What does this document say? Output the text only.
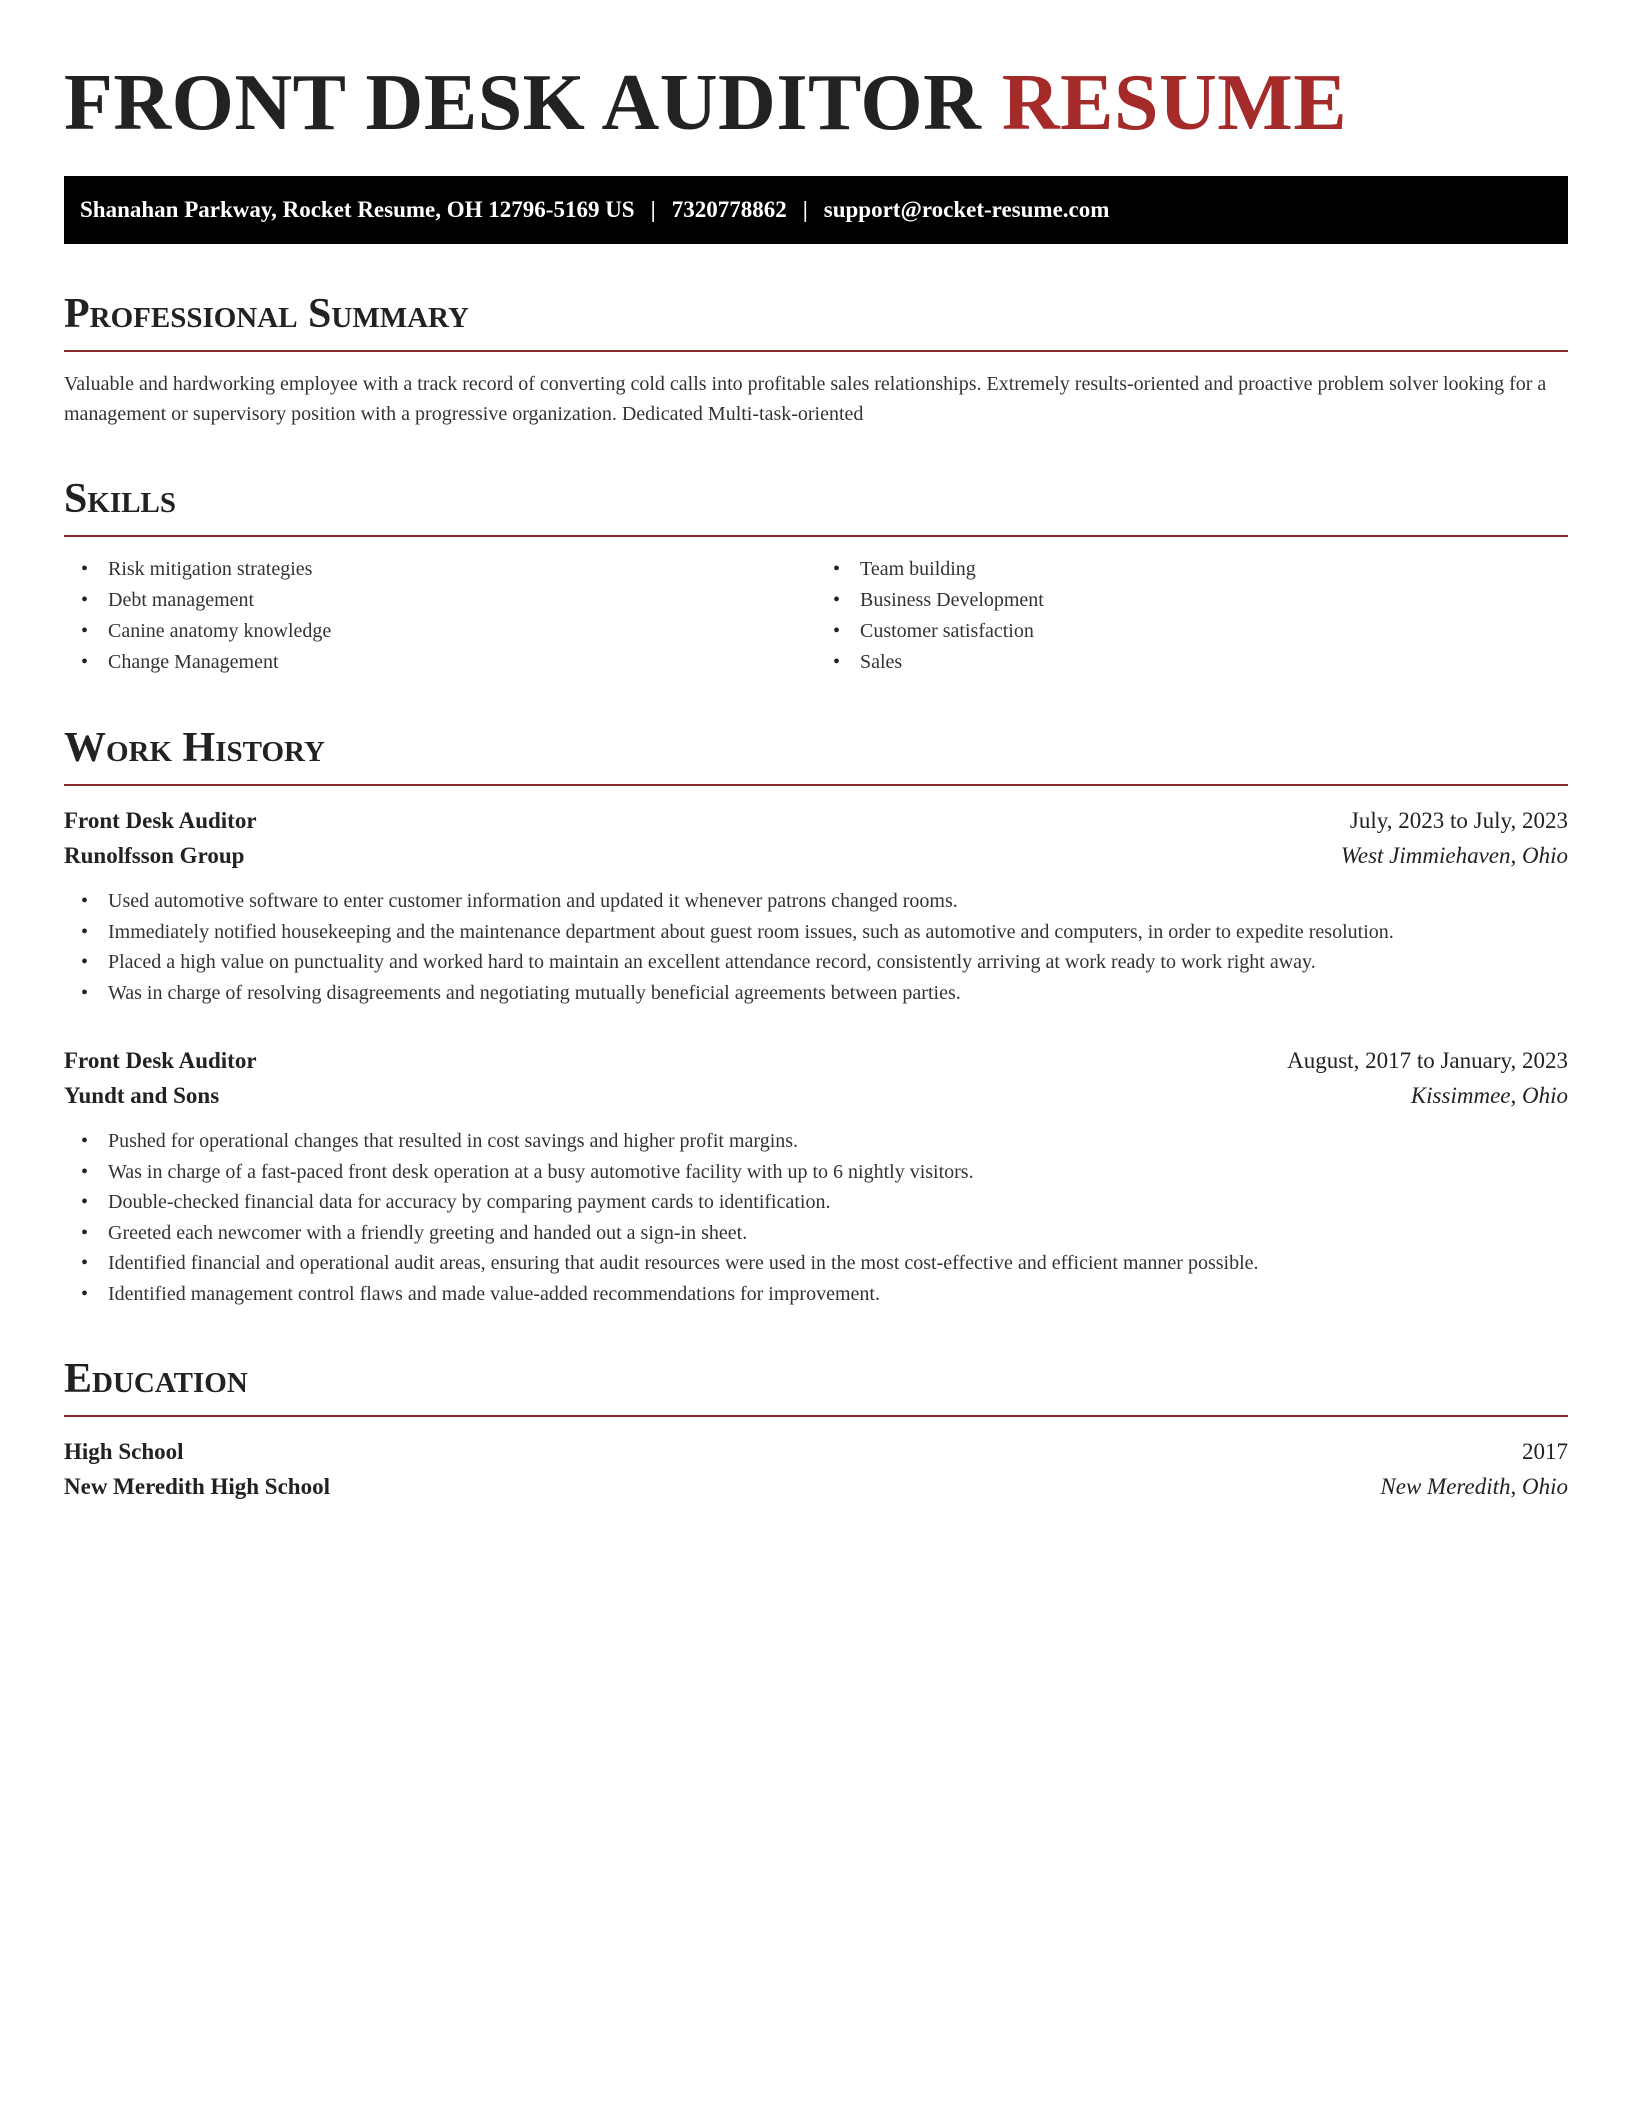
FRONT DESK AUDITOR RESUME
Shanahan Parkway, Rocket Resume, OH 12796-5169 US | 7320778862 | support@rocket-resume.com
Professional Summary

Valuable and hardworking employee with a track record of converting cold calls into profitable sales relationships. Extremely results-oriented and proactive problem solver looking for a management or supervisory position with a progressive organization. Dedicated Multi-task-oriented

Skills
• Risk mitigation strategies
• Debt management
• Canine anatomy knowledge
• Change Management
• Team building
• Business Development
• Customer satisfaction
• Sales
Work History
Front Desk Auditor	July, 2023 to July, 2023
Runolfsson Group	West Jimmiehaven, Ohio
• Used automotive software to enter customer information and updated it whenever patrons changed rooms.
• Immediately notified housekeeping and the maintenance department about guest room issues, such as automotive and computers, in order to expedite resolution.
• Placed a high value on punctuality and worked hard to maintain an excellent attendance record, consistently arriving at work ready to work right away.
• Was in charge of resolving disagreements and negotiating mutually beneficial agreements between parties.
Front Desk Auditor	August, 2017 to January, 2023
Yundt and Sons	Kissimmee, Ohio
• Pushed for operational changes that resulted in cost savings and higher profit margins.
• Was in charge of a fast-paced front desk operation at a busy automotive facility with up to 6 nightly visitors.
• Double-checked financial data for accuracy by comparing payment cards to identification.
• Greeted each newcomer with a friendly greeting and handed out a sign-in sheet.
• Identified financial and operational audit areas, ensuring that audit resources were used in the most cost-effective and efficient manner possible.
• Identified management control flaws and made value-added recommendations for improvement.
Education
High School	2017
New Meredith High School	New Meredith, Ohio
